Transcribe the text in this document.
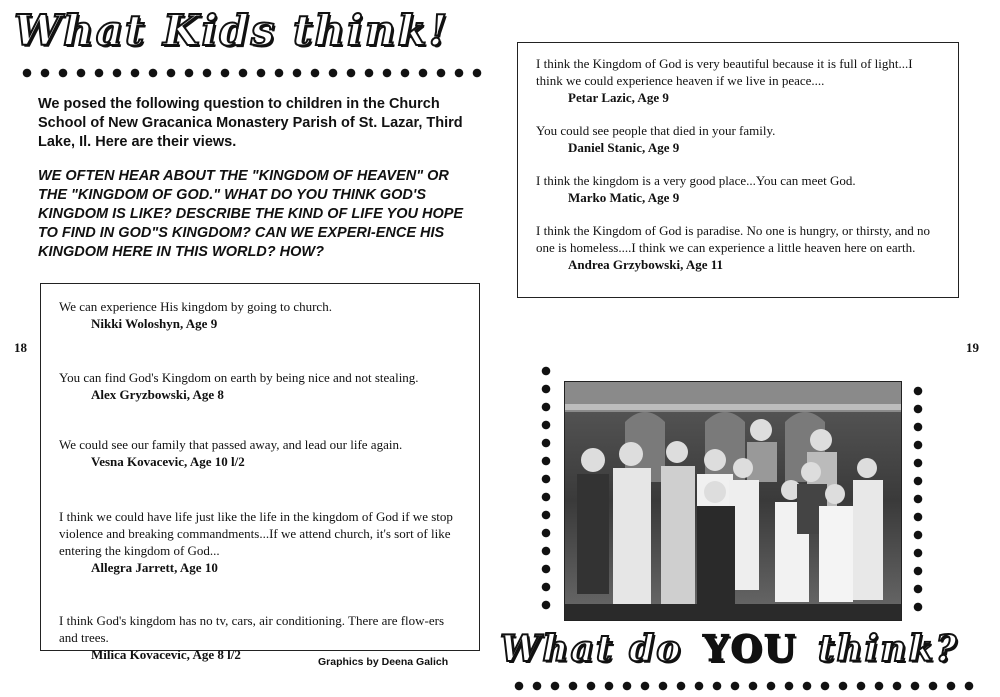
What Kids think!

We posed the following question to children in the Church School of New Gracanica Monastery Parish of St. Lazar, Third Lake, Il. Here are their views.

WE OFTEN HEAR ABOUT THE "KINGDOM OF HEAVEN" OR THE "KINGDOM OF GOD." WHAT DO YOU THINK GOD'S KINGDOM IS LIKE? DESCRIBE THE KIND OF LIFE YOU HOPE TO FIND IN GOD"S KINGDOM? CAN WE EXPERI-ENCE HIS KINGDOM HERE IN THIS WORLD? HOW?

18

We can experience His kingdom by going to church.

Nikki Woloshyn, Age 9

You can find God's Kingdom on earth by being nice and not stealing.

Alex Gryzbowski, Age 8

We could see our family that passed away, and lead our life again.

Vesna Kovacevic, Age 10 l/2

I think we could have life just like the life in the kingdom of God if we stop violence and breaking commandments...If we attend church, it's sort of like entering the kingdom of God...

Allegra Jarrett, Age 10

I think God's kingdom has no tv, cars, air conditioning. There are flow-ers and trees.

Milica Kovacevic, Age 8 l/2	Graphics by Deena Galich

I think the Kingdom of God is very beautiful because it is full of light...I think we could experience heaven if we live in peace....

Petar Lazic, Age 9

You could see people that died in your family.

Daniel Stanic, Age 9

I think the kingdom is a very good place...You can meet God.

Marko Matic, Age 9

I think the Kingdom of God is paradise. No one is hungry, or thirsty, and no one is homeless....I think we can experience a little heaven here on earth.

Andrea Grzybowski, Age 11

19
What do YOU think?
